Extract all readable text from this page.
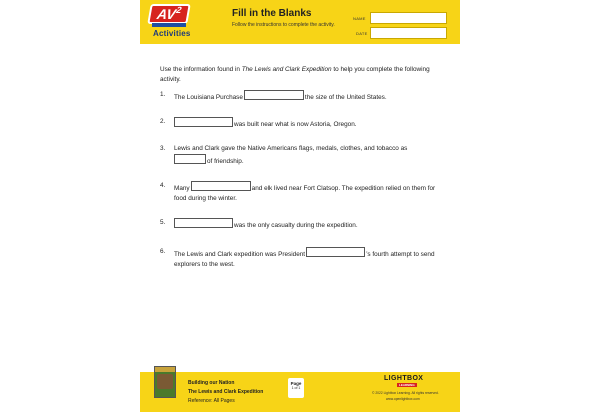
$AV^2$
Activities
Fill in the Blanks
Follow the instructions to complete the activity.
NAME
DATE
Use the information found in The Lewis and Clark Expedition to help you complete the following activity.
1. The Louisiana Purchase	the size of the United States.
2.	was built near what is now Astoria, Oregon.
3. Lewis and Clark gave the Native Americans flags, medals, clothes, and tobacco as of friendship.
4. Many	and elk lived near Fort Clatsop. The expedition relied on them for food during the winter.
5.	was the only casualty during the expedition.
6. The Lewis and Clark expedition was President	’s fourth attempt to send explorers to the west.
Building our Nation
The Lewis and Clark Expedition
Reference: All Pages
Page
1 of 1
LIGHTBOX
LEARNING
© 2022 Lightbox Learning. All rights reserved.
www.openlightbox.com
